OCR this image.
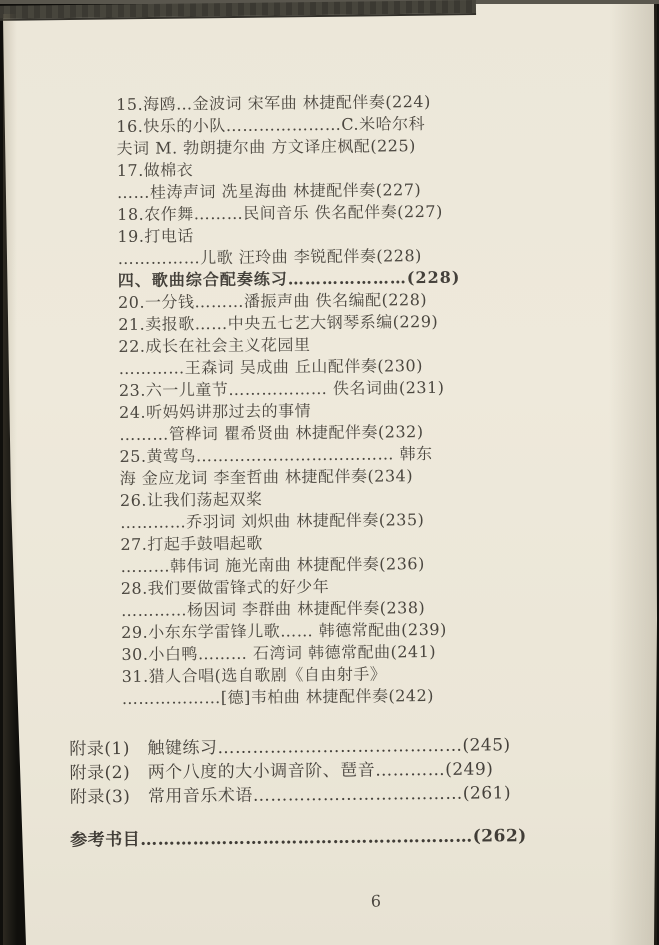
15.海鸥…金波词 宋军曲 林捷配伴奏(224)
16.快乐的小队…………………C.米哈尔科
夫词 M. 勃朗捷尔曲 方文译庄枫配(225)
17.做棉衣
……桂涛声词 冼星海曲 林捷配伴奏(227)
18.农作舞………民间音乐 佚名配伴奏(227)
19.打电话
……………儿歌 汪玲曲 李锐配伴奏(228)
四、歌曲综合配奏练习…………………(228)
20.一分钱………潘振声曲 佚名编配(228)
21.卖报歌……中央五七艺大钢琴系编(229)
22.成长在社会主义花园里
…………王森词 吴成曲 丘山配伴奏(230)
23.六一儿童节……………… 佚名词曲(231)
24.听妈妈讲那过去的事情
………管桦词 瞿希贤曲 林捷配伴奏(232)
25.黄莺鸟……………………………… 韩东
海 金应龙词 李奎哲曲 林捷配伴奏(234)
26.让我们荡起双桨
…………乔羽词 刘炽曲 林捷配伴奏(235)
27.打起手鼓唱起歌
………韩伟词 施光南曲 林捷配伴奏(236)
28.我们要做雷锋式的好少年
…………杨因词 李群曲 林捷配伴奏(238)
29.小东东学雷锋儿歌…… 韩德常配曲(239)
30.小白鸭……… 石湾词 韩德常配曲(241)
31.猎人合唱(选自歌剧《自由射手》
………………[德]韦柏曲 林捷配伴奏(242)
附录(1)　触键练习……………………………………(245)
附录(2)　两个八度的大小调音阶、琶音…………(249)
附录(3)　常用音乐术语………………………………(261)
参考书目…………………………………………………(262)
6
